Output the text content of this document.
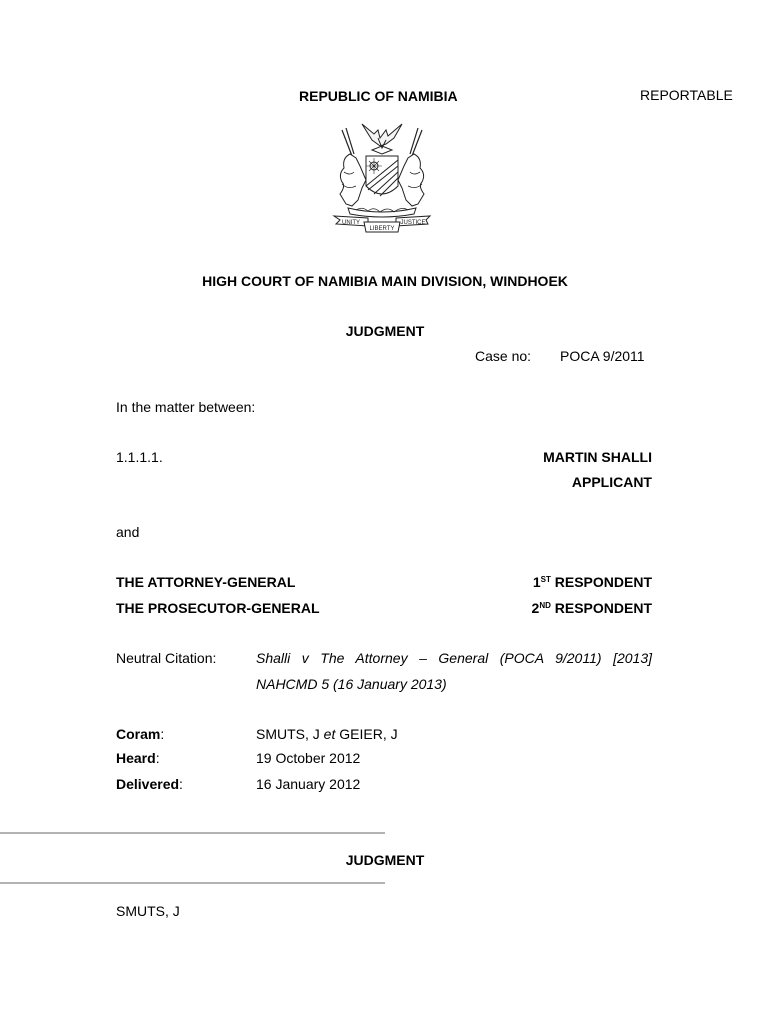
REPUBLIC OF NAMIBIA	REPORTABLE
UNITY
LIBERTY
JUSTICE
HIGH COURT OF NAMIBIA MAIN DIVISION, WINDHOEK
JUDGMENT
Case no: POCA 9/2011
In the matter between:
1.1.1.1.	MARTIN SHALLI
APPLICANT
and
THE ATTORNEY-GENERAL	1ST RESPONDENT
THE PROSECUTOR-GENERAL	2ND RESPONDENT
Neutral Citation:	Shalli v The Attorney – General (POCA 9/2011) [2013]
NAHCMD 5 (16 January 2013)
Coram:	SMUTS, J et GEIER, J
Heard:	19 October 2012
Delivered:	16 January 2012
JUDGMENT
SMUTS, J
